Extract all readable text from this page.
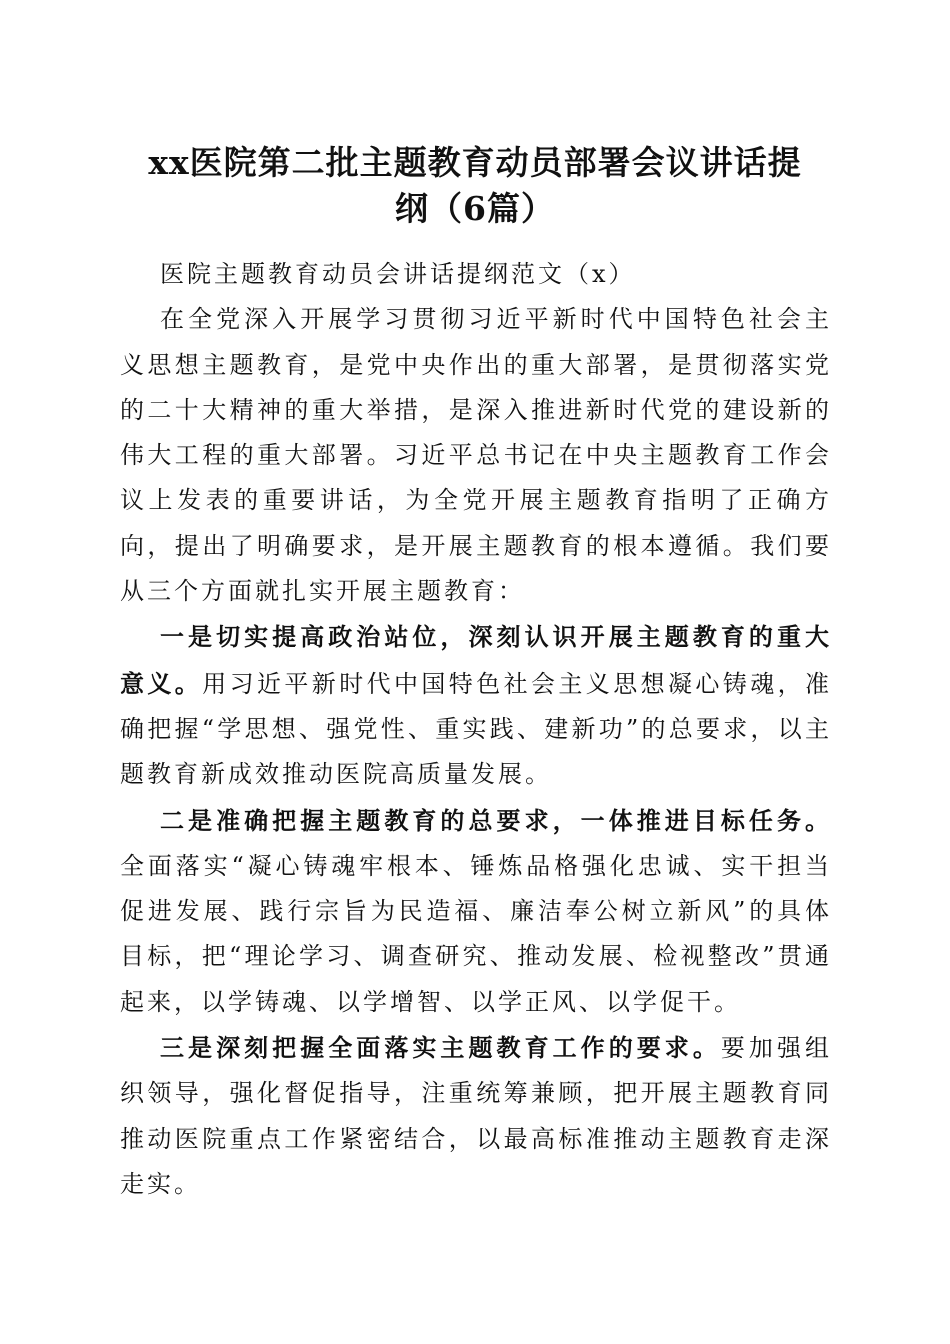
xx医院第二批主题教育动员部署会议讲话提
纲（6篇）

医院主题教育动员会讲话提纲范文（x）

在全党深入开展学习贯彻习近平新时代中国特色社会主义思想主题教育，是党中央作出的重大部署，是贯彻落实党的二十大精神的重大举措，是深入推进新时代党的建设新的伟大工程的重大部署。习近平总书记在中央主题教育工作会议上发表的重要讲话，为全党开展主题教育指明了正确方向，提出了明确要求，是开展主题教育的根本遵循。我们要从三个方面就扎实开展主题教育：

一是切实提高政治站位，深刻认识开展主题教育的重大意义。用习近平新时代中国特色社会主义思想凝心铸魂，准确把握“学思想、强党性、重实践、建新功”的总要求，以主题教育新成效推动医院高质量发展。

二是准确把握主题教育的总要求，一体推进目标任务。全面落实“凝心铸魂牢根本、锤炼品格强化忠诚、实干担当促进发展、践行宗旨为民造福、廉洁奉公树立新风”的具体目标，把“理论学习、调查研究、推动发展、检视整改”贯通起来，以学铸魂、以学增智、以学正风、以学促干。

三是深刻把握全面落实主题教育工作的要求。要加强组织领导，强化督促指导，注重统筹兼顾，把开展主题教育同推动医院重点工作紧密结合，以最高标准推动主题教育走深走实。
